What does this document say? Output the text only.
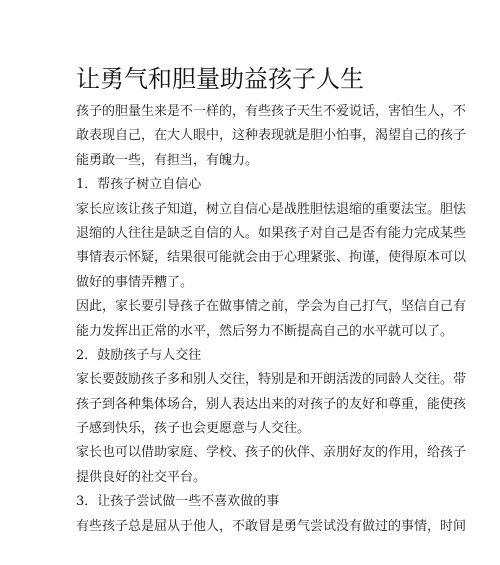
让勇气和胆量助益孩子人生
孩子的胆量生来是不一样的，有些孩子天生不爱说话，害怕生人，不
敢表现自己，在大人眼中，这种表现就是胆小怕事，渴望自己的孩子
能勇敢一些，有担当，有魄力。
1．帮孩子树立自信心
家长应该让孩子知道，树立自信心是战胜胆怯退缩的重要法宝。胆怯
退缩的人往往是缺乏自信的人。如果孩子对自己是否有能力完成某些
事情表示怀疑，结果很可能就会由于心理紧张、拘谨，使得原本可以
做好的事情弄糟了。
因此，家长要引导孩子在做事情之前，学会为自己打气，坚信自己有
能力发挥出正常的水平，然后努力不断提高自己的水平就可以了。
2．鼓励孩子与人交往
家长要鼓励孩子多和别人交往，特别是和开朗活泼的同龄人交往。带
孩子到各种集体场合，别人表达出来的对孩子的友好和尊重，能使孩
子感到快乐，孩子也会更愿意与人交往。
家长也可以借助家庭、学校、孩子的伙伴、亲朋好友的作用，给孩子
提供良好的社交平台。
3．让孩子尝试做一些不喜欢做的事
有些孩子总是屈从于他人，不敢冒是勇气尝试没有做过的事情，时间
